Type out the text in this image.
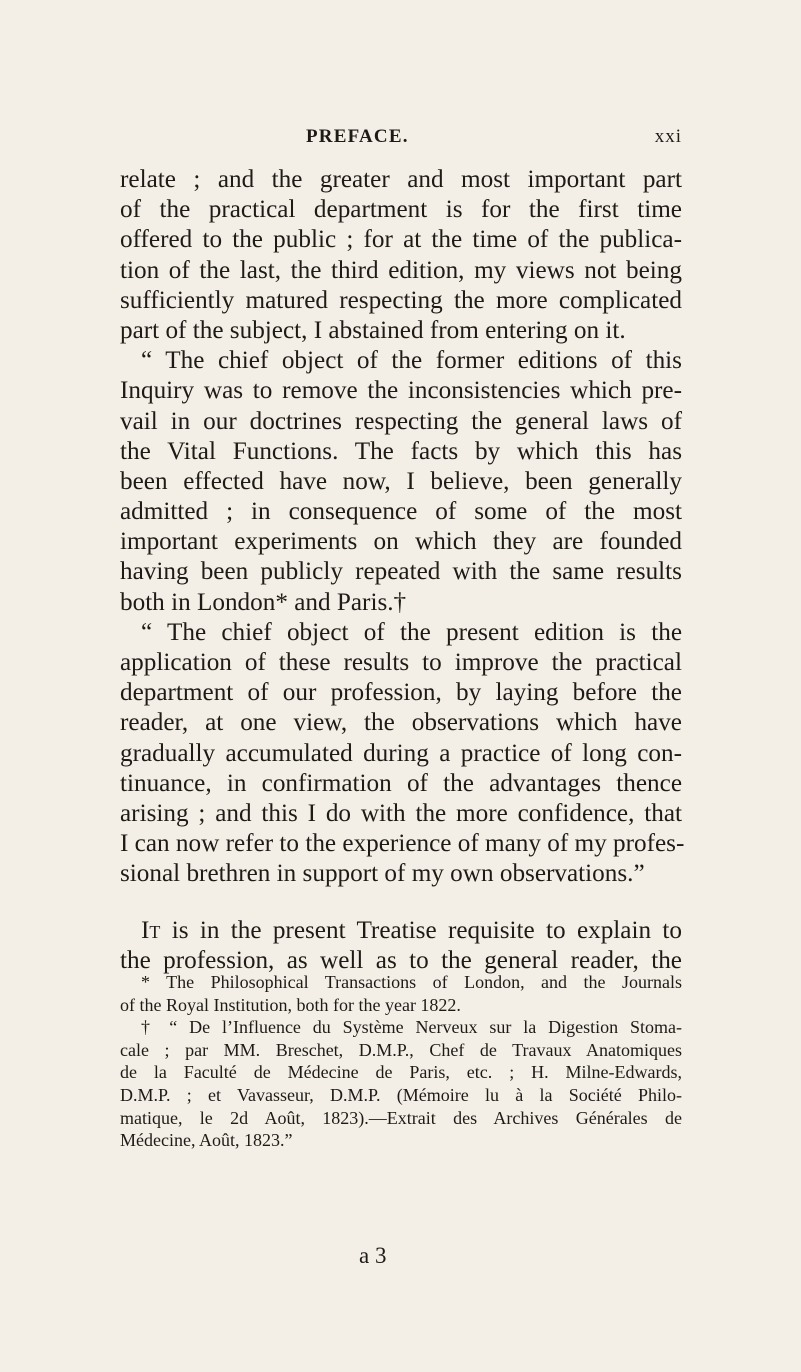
PREFACE.	xxi
relate ; and the greater and most important part
of the practical department is for the first time
offered to the public ; for at the time of the publica-
tion of the last, the third edition, my views not being
sufficiently matured respecting the more complicated
part of the subject, I abstained from entering on it.
“ The chief object of the former editions of this
Inquiry was to remove the inconsistencies which pre-
vail in our doctrines respecting the general laws of
the Vital Functions. The facts by which this has
been effected have now, I believe, been generally
admitted ; in consequence of some of the most
important experiments on which they are founded
having been publicly repeated with the same results
both in London* and Paris.†
“ The chief object of the present edition is the
application of these results to improve the practical
department of our profession, by laying before the
reader, at one view, the observations which have
gradually accumulated during a practice of long con-
tinuance, in confirmation of the advantages thence
arising ; and this I do with the more confidence, that
I can now refer to the experience of many of my profes-
sional brethren in support of my own observations.”
It is in the present Treatise requisite to explain to
the profession, as well as to the general reader, the
* The Philosophical Transactions of London, and the Journals
of the Royal Institution, both for the year 1822.
† “ De l’Influence du Système Nerveux sur la Digestion Stoma-
cale ; par MM. Breschet, D.M.P., Chef de Travaux Anatomiques
de la Faculté de Médecine de Paris, etc. ; H. Milne-Edwards,
D.M.P. ; et Vavasseur, D.M.P. (Mémoire lu à la Société Philo-
matique, le 2d Août, 1823).—Extrait des Archives Générales de
Médecine, Août, 1823.”
a 3
